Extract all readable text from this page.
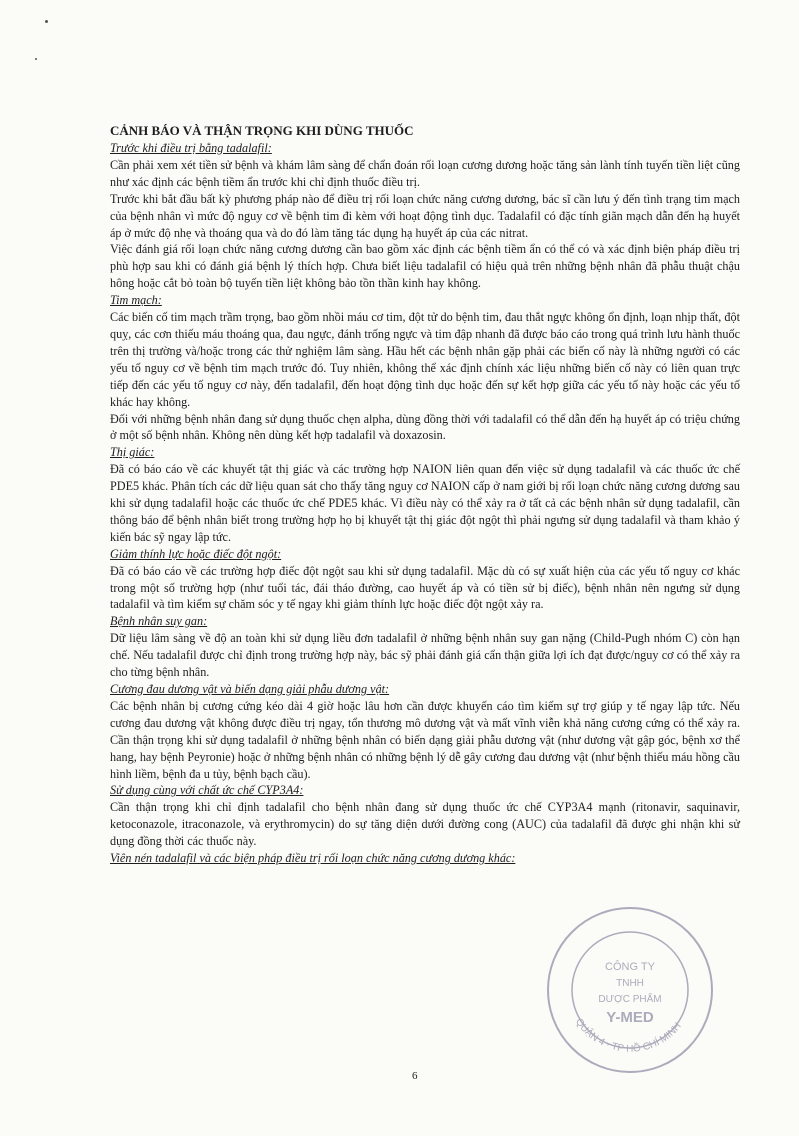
CẢNH BÁO VÀ THẬN TRỌNG KHI DÙNG THUỐC

Trước khi điều trị bằng tadalafil:

Cần phải xem xét tiền sử bệnh và khám lâm sàng để chẩn đoán rối loạn cương dương hoặc tăng sản lành tính tuyến tiền liệt cũng như xác định các bệnh tiềm ẩn trước khi chỉ định thuốc điều trị.

Trước khi bắt đầu bất kỳ phương pháp nào để điều trị rối loạn chức năng cương dương, bác sĩ cần lưu ý đến tình trạng tim mạch của bệnh nhân vì mức độ nguy cơ về bệnh tim đi kèm với hoạt động tình dục. Tadalafil có đặc tính giãn mạch dẫn đến hạ huyết áp ở mức độ nhẹ và thoáng qua và do đó làm tăng tác dụng hạ huyết áp của các nitrat.

Việc đánh giá rối loạn chức năng cương dương cần bao gồm xác định các bệnh tiềm ẩn có thể có và xác định biện pháp điều trị phù hợp sau khi có đánh giá bệnh lý thích hợp. Chưa biết liệu tadalafil có hiệu quả trên những bệnh nhân đã phẫu thuật chậu hông hoặc cắt bỏ toàn bộ tuyến tiền liệt không bảo tồn thần kinh hay không.

Tim mạch:

Các biến cố tim mạch trầm trọng, bao gồm nhồi máu cơ tim, đột tử do bệnh tim, đau thắt ngực không ổn định, loạn nhịp thất, đột quỵ, các cơn thiếu máu thoáng qua, đau ngực, đánh trống ngực và tim đập nhanh đã được báo cáo trong quá trình lưu hành thuốc trên thị trường và/hoặc trong các thử nghiệm lâm sàng. Hầu hết các bệnh nhân gặp phải các biến cố này là những người có các yếu tố nguy cơ về bệnh tim mạch trước đó. Tuy nhiên, không thể xác định chính xác liệu những biến cố này có liên quan trực tiếp đến các yếu tố nguy cơ này, đến tadalafil, đến hoạt động tình dục hoặc đến sự kết hợp giữa các yếu tố này hoặc các yếu tố khác hay không.

Đối với những bệnh nhân đang sử dụng thuốc chẹn alpha, dùng đồng thời với tadalafil có thể dẫn đến hạ huyết áp có triệu chứng ở một số bệnh nhân. Không nên dùng kết hợp tadalafil và doxazosin.

Thị giác:

Đã có báo cáo về các khuyết tật thị giác và các trường hợp NAION liên quan đến việc sử dụng tadalafil và các thuốc ức chế PDE5 khác. Phân tích các dữ liệu quan sát cho thấy tăng nguy cơ NAION cấp ở nam giới bị rối loạn chức năng cương dương sau khi sử dụng tadalafil hoặc các thuốc ức chế PDE5 khác. Vì điều này có thể xảy ra ở tất cả các bệnh nhân sử dụng tadalafil, cần thông báo để bệnh nhân biết trong trường hợp họ bị khuyết tật thị giác đột ngột thì phải ngưng sử dụng tadalafil và tham khảo ý kiến bác sỹ ngay lập tức.

Giảm thính lực hoặc điếc đột ngột:

Đã có báo cáo về các trường hợp điếc đột ngột sau khi sử dụng tadalafil. Mặc dù có sự xuất hiện của các yếu tố nguy cơ khác trong một số trường hợp (như tuổi tác, đái tháo đường, cao huyết áp và có tiền sử bị điếc), bệnh nhân nên ngưng sử dụng tadalafil và tìm kiếm sự chăm sóc y tế ngay khi giảm thính lực hoặc điếc đột ngột xảy ra.

Bệnh nhân suy gan:

Dữ liệu lâm sàng về độ an toàn khi sử dụng liều đơn tadalafil ở những bệnh nhân suy gan nặng (Child-Pugh nhóm C) còn hạn chế. Nếu tadalafil được chỉ định trong trường hợp này, bác sỹ phải đánh giá cẩn thận giữa lợi ích đạt được/nguy cơ có thể xảy ra cho từng bệnh nhân.

Cương đau dương vật và biến dạng giải phẫu dương vật:

Các bệnh nhân bị cương cứng kéo dài 4 giờ hoặc lâu hơn cần được khuyến cáo tìm kiếm sự trợ giúp y tế ngay lập tức. Nếu cương đau dương vật không được điều trị ngay, tổn thương mô dương vật và mất vĩnh viễn khả năng cương cứng có thể xảy ra. Cần thận trọng khi sử dụng tadalafil ở những bệnh nhân có biến dạng giải phẫu dương vật (như dương vật gập góc, bệnh xơ thể hang, hay bệnh Peyronie) hoặc ở những bệnh nhân có những bệnh lý dễ gây cương đau dương vật (như bệnh thiếu máu hồng cầu hình liềm, bệnh đa u tủy, bệnh bạch cầu).

Sử dụng cùng với chất ức chế CYP3A4:

Cần thận trọng khi chỉ định tadalafil cho bệnh nhân đang sử dụng thuốc ức chế CYP3A4 mạnh (ritonavir, saquinavir, ketoconazole, itraconazole, và erythromycin) do sự tăng diện dưới đường cong (AUC) của tadalafil đã được ghi nhận khi sử dụng đồng thời các thuốc này.

Viên nén tadalafil và các biện pháp điều trị rối loạn chức năng cương dương khác:

CÔNG TY
TNHH
DƯỢC PHẨM
Y-MED
QUẬN 4 · TP HỒ CHÍ MINH
6
